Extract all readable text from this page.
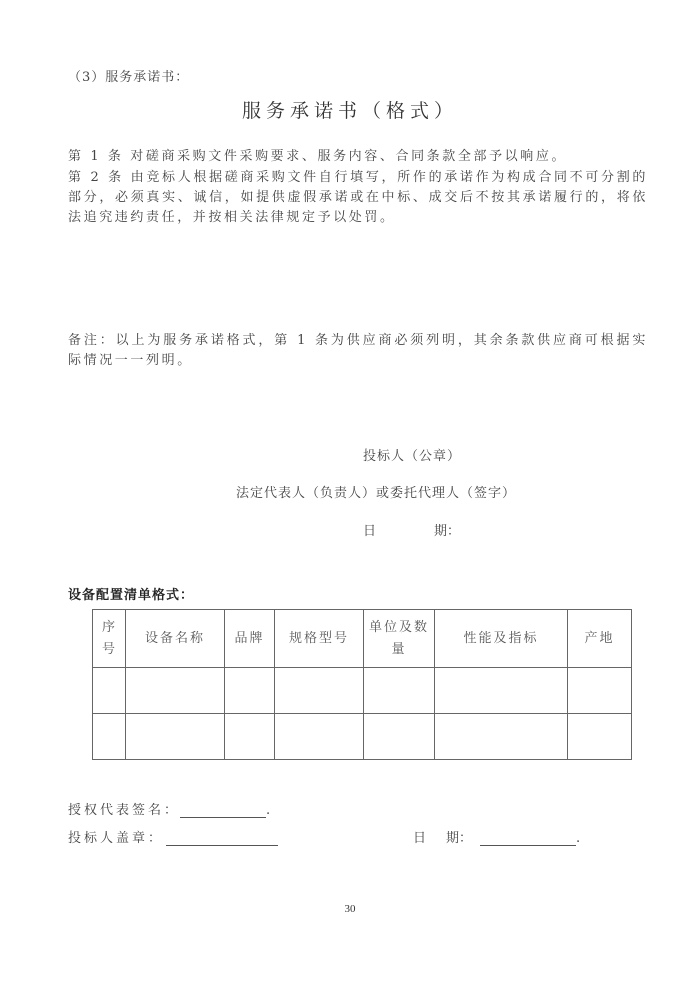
（3）服务承诺书：
服务承诺书（格式）
第 1 条 对磋商采购文件采购要求、服务内容、合同条款全部予以响应。
第 2 条 由竞标人根据磋商采购文件自行填写，所作的承诺作为构成合同不可分割的部分，必须真实、诚信，如提供虚假承诺或在中标、成交后不按其承诺履行的，将依法追究违约责任，并按相关法律规定予以处罚。
备注：以上为服务承诺格式，第 1 条为供应商必须列明，其余条款供应商可根据实际情况一一列明。
投标人（公章）
法定代表人（负责人）或委托代理人（签字）
日	期：
设备配置清单格式：
序号	设备名称	品牌	规格型号	单位及数量	性能及指标	产地

授权代表签名：	.
投标人盖章：	日 期：	.
30
